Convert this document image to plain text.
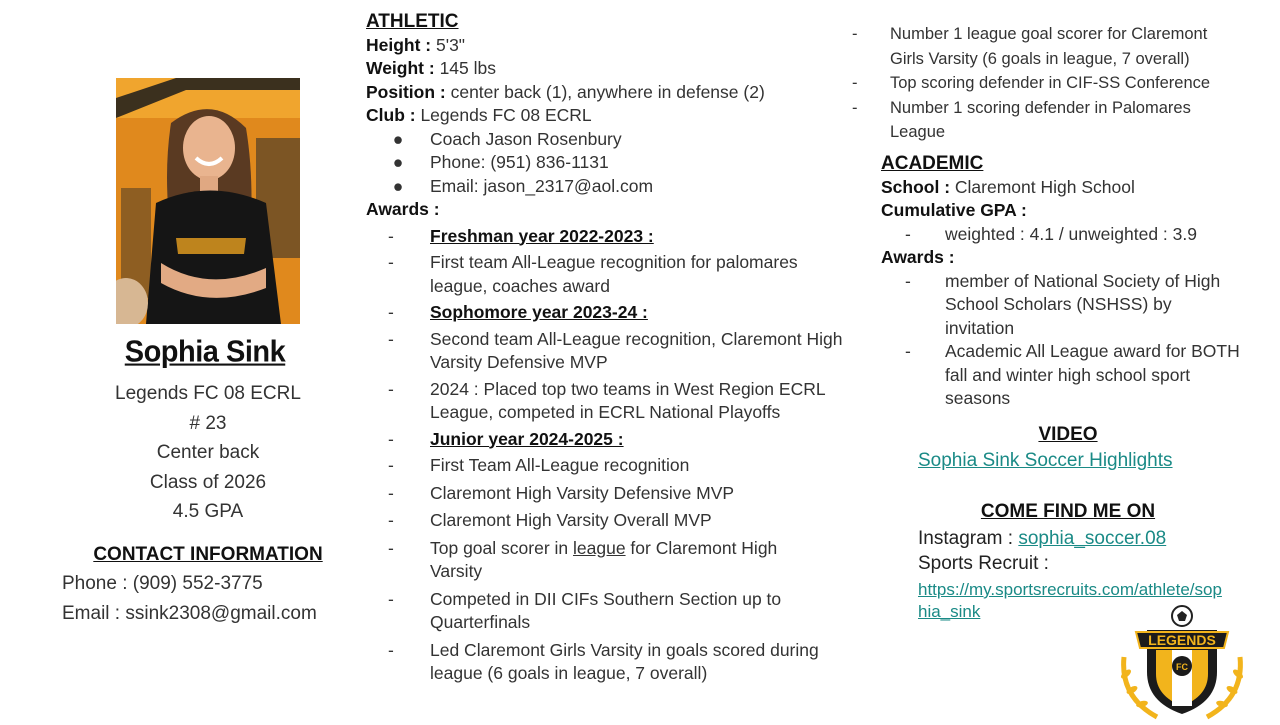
Sophia Sink
Legends FC 08 ECRL
# 23
Center back
Class of 2026
4.5 GPA
CONTACT INFORMATION
Phone : (909) 552-3775
Email : ssink2308@gmail.com
ATHLETIC
Height : 5'3"
Weight : 145 lbs
Position : center back (1), anywhere in defense (2)
Club : Legends FC 08 ECRL
●	Coach Jason Rosenbury
●	Phone: (951) 836-1131
●	Email: jason_2317@aol.com
Awards :
-	Freshman year 2022-2023 :
-	First team All-League recognition for palomares league, coaches award
-	Sophomore year 2023-24 :
-	Second team All-League recognition, Claremont High Varsity Defensive MVP
-	2024 : Placed top two teams in West Region ECRL League, competed in ECRL National Playoffs
-	Junior year 2024-2025 :
-	First Team All-League recognition
-	Claremont High Varsity Defensive MVP
-	Claremont High Varsity Overall MVP
-	Top goal scorer in league for Claremont High Varsity
-	Competed in DII CIFs Southern Section up to Quarterfinals
-	Led Claremont Girls Varsity in goals scored during league (6 goals in league, 7 overall)
-	Number 1 league goal scorer for Claremont Girls Varsity (6 goals in league, 7 overall)
-	Top scoring defender in CIF-SS Conference
-	Number 1 scoring defender in Palomares League
ACADEMIC
School : Claremont High School
Cumulative GPA :
-	weighted : 4.1 / unweighted : 3.9
Awards :
-	member of National Society of High School Scholars (NSHSS) by invitation
-	Academic All League award for BOTH fall and winter high school sport seasons
VIDEO
Sophia Sink Soccer Highlights
COME FIND ME ON
Instagram : sophia_soccer.08
Sports Recruit :
https://my.sportsrecruits.com/athlete/sophia_sink
FC
LEGENDS
